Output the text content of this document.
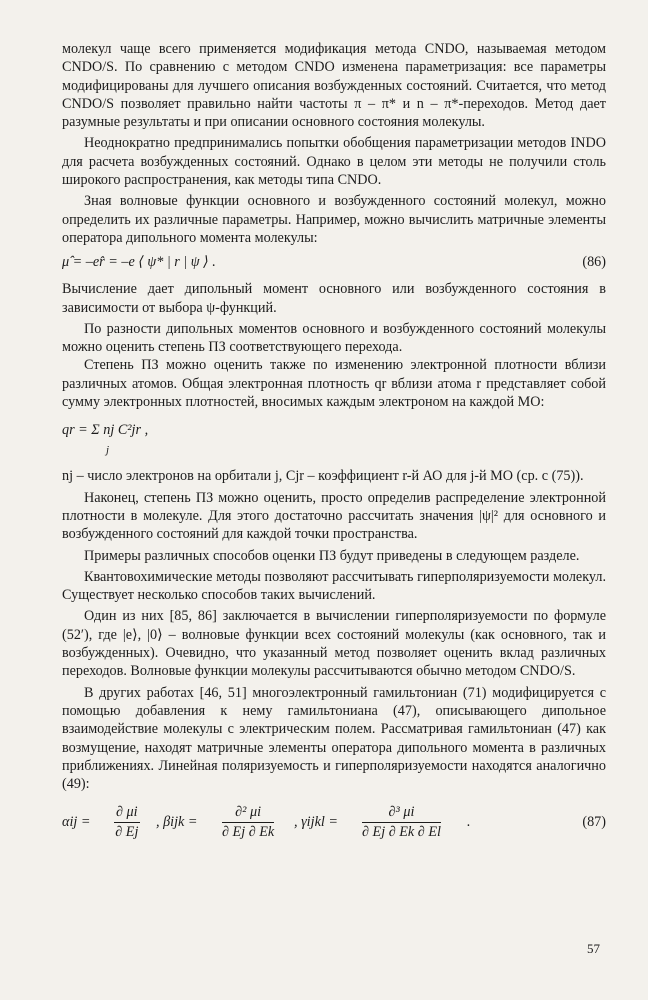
молекул чаще всего применяется модификация метода CNDO, называемая методом CNDO/S. По сравнению с методом CNDO изменена параметризация: все параметры модифицированы для лучшего описания возбужденных состояний. Считается, что метод CNDO/S позволяет правильно найти частоты π – π* и n – π*-переходов. Метод дает разумные результаты и при описании основного состояния молекулы.

Неоднократно предпринимались попытки обобщения параметризации методов INDO для расчета возбужденных состояний. Однако в целом эти методы не получили столь широкого распространения, как методы типа CNDO.

Зная волновые функции основного и возбужденного состояний молекул, можно определить их различные параметры. Например, можно вычислить матричные элементы оператора дипольного момента молекулы:

μ̂ = –er̂ = –e ⟨ ψ* | r | ψ ⟩ .	(86)

Вычисление дает дипольный момент основного или возбужденного состояния в зависимости от выбора ψ-функций.

По разности дипольных моментов основного и возбужденного состояний молекулы можно оценить степень ПЗ соответствующего перехода.

Степень ПЗ можно оценить также по изменению электронной плотности вблизи различных атомов. Общая электронная плотность qr вблизи атома r представляет собой сумму электронных плотностей, вносимых каждым электроном на каждой МО:

qr = Σ nj C²jr ,
j

nj – число электронов на орбитали j, Cjr – коэффициент r-й АО для j-й МО (ср. с (75)).

Наконец, степень ПЗ можно оценить, просто определив распределение электронной плотности в молекуле. Для этого достаточно рассчитать значения |ψ|² для основного и возбужденного состояний для каждой точки пространства.

Примеры различных способов оценки ПЗ будут приведены в следующем разделе.

Квантовохимические методы позволяют рассчитывать гиперполяризуемости молекул. Существует несколько способов таких вычислений.

Один из них [85, 86] заключается в вычислении гиперполяризуемости по формуле (52′), где |e⟩, |0⟩ – волновые функции всех состояний молекулы (как основного, так и возбужденных). Очевидно, что указанный метод позволяет оценить вклад различных переходов. Волновые функции молекулы рассчитываются обычно методом CNDO/S.

В других работах [46, 51] многоэлектронный гамильтониан (71) модифицируется с помощью добавления к нему гамильтониана (47), описывающего дипольное взаимодействие молекулы с электрическим полем. Рассматривая гамильтониан (47) как возмущение, находят матричные элементы оператора дипольного момента в различных приближениях. Линейная поляризуемость и гиперполяризуемости находятся аналогично (49):

$\alpha ij = \frac{\partial \mu i}{\partial Ej}$ , $\beta ijk = \frac{\text{∂² μi}}{\partial Ej \partial Ek}$ , γijkl = $\frac{\text{∂³ μi}}{\partial Ej \partial Ek \partial El}$ .	(87)
57
